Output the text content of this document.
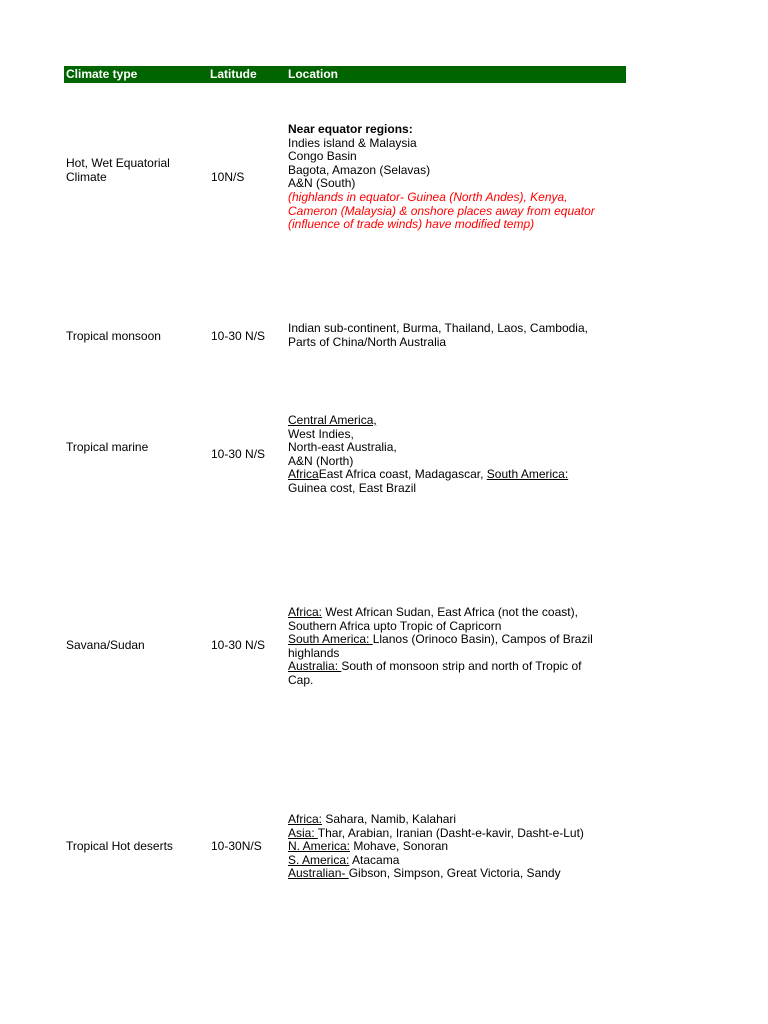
Climate type	Latitude	Location
Hot, Wet Equatorial
Climate	10N/S
Near equator regions:
Indies island & Malaysia
Congo Basin
Bagota, Amazon (Selavas)
A&N (South)
(highlands in equator- Guinea (North Andes), Kenya,
Cameron (Malaysia) & onshore places away from equator
(influence of trade winds) have modified temp)
Tropical monsoon	10-30 N/S
Indian sub-continent, Burma, Thailand, Laos, Cambodia,
Parts of China/North Australia
Tropical marine	10-30 N/S
Central America,
West Indies,
North-east Australia,
A&N (North)
AfricaEast Africa coast, Madagascar, South America:
Guinea cost, East Brazil
Savana/Sudan	10-30 N/S
Africa: West African Sudan, East Africa (not the coast),
Southern Africa upto Tropic of Capricorn
South America: Llanos (Orinoco Basin), Campos of Brazil
highlands
Australia: South of monsoon strip and north of Tropic of
Cap.
Tropical Hot deserts	10-30N/S
Africa: Sahara, Namib, Kalahari
Asia: Thar, Arabian, Iranian (Dasht-e-kavir, Dasht-e-Lut)
N. America: Mohave, Sonoran
S. America: Atacama
Australian- Gibson, Simpson, Great Victoria, Sandy
